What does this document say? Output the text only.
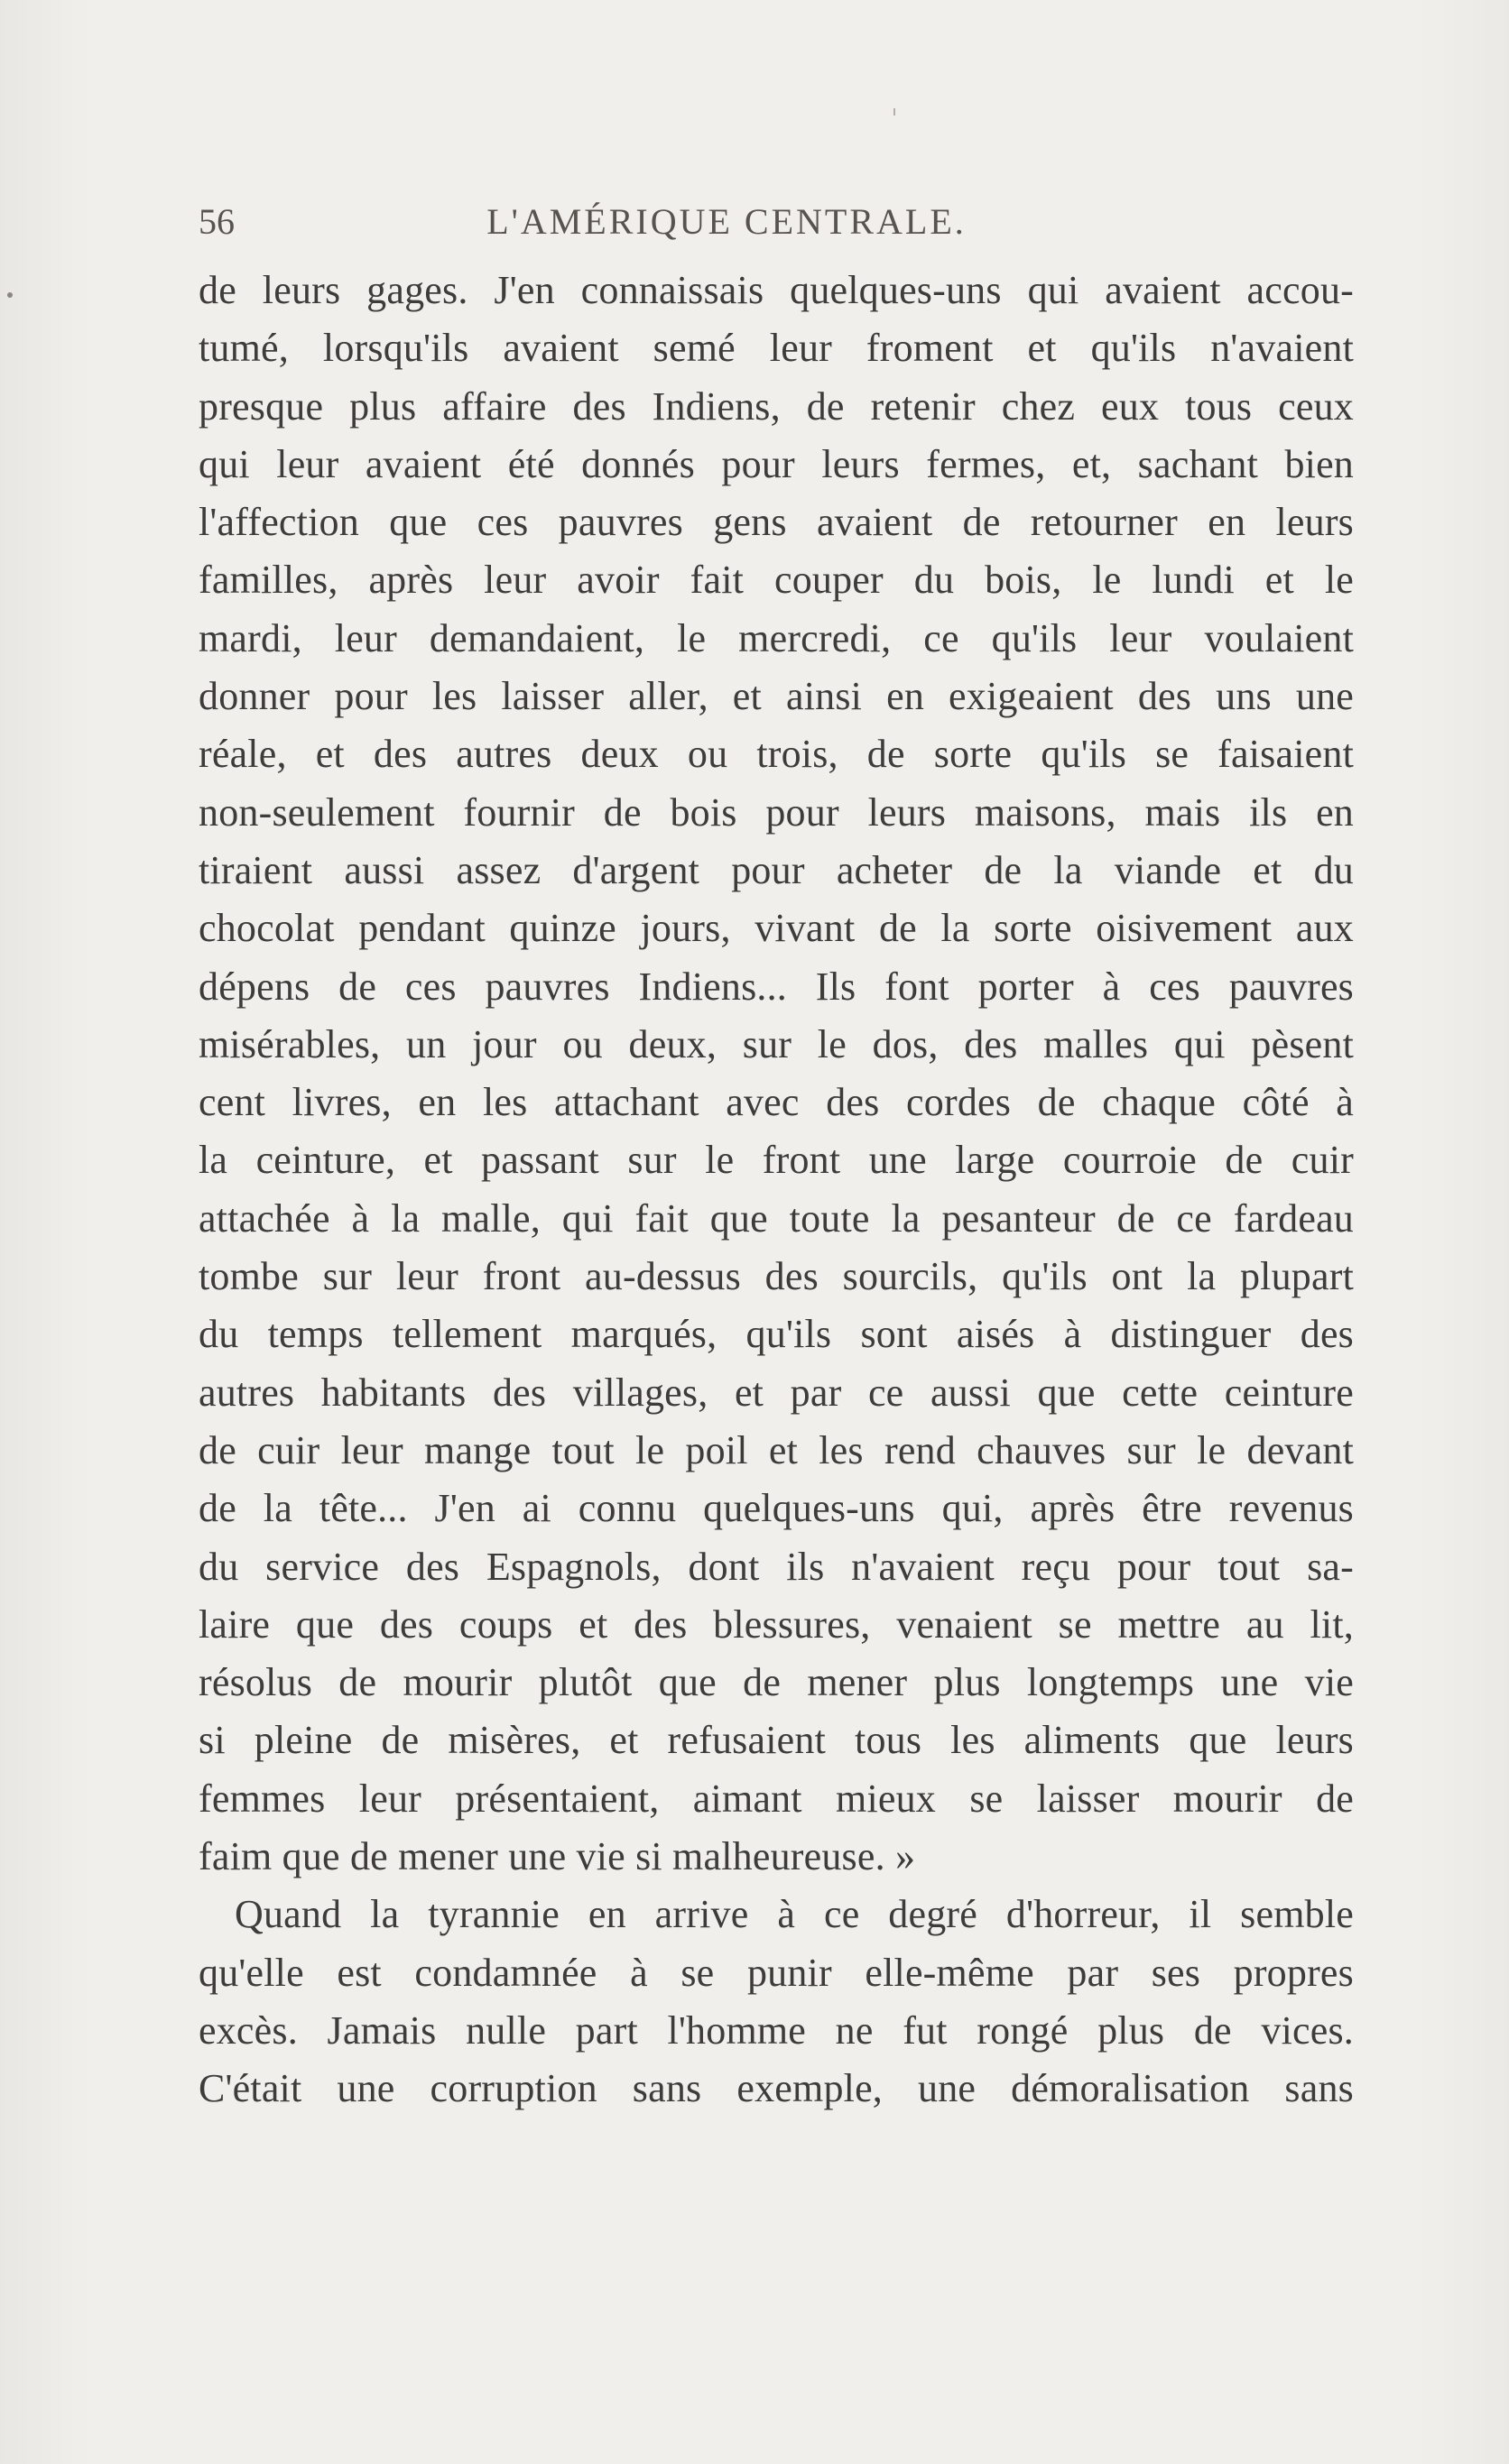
56	L'AMÉRIQUE CENTRALE.
de leurs gages. J'en connaissais quelques-uns qui avaient accou-
tumé, lorsqu'ils avaient semé leur froment et qu'ils n'avaient
presque plus affaire des Indiens, de retenir chez eux tous ceux
qui leur avaient été donnés pour leurs fermes, et, sachant bien
l'affection que ces pauvres gens avaient de retourner en leurs
familles, après leur avoir fait couper du bois, le lundi et le
mardi, leur demandaient, le mercredi, ce qu'ils leur voulaient
donner pour les laisser aller, et ainsi en exigeaient des uns une
réale, et des autres deux ou trois, de sorte qu'ils se faisaient
non-seulement fournir de bois pour leurs maisons, mais ils en
tiraient aussi assez d'argent pour acheter de la viande et du
chocolat pendant quinze jours, vivant de la sorte oisivement aux
dépens de ces pauvres Indiens... Ils font porter à ces pauvres
misérables, un jour ou deux, sur le dos, des malles qui pèsent
cent livres, en les attachant avec des cordes de chaque côté à
la ceinture, et passant sur le front une large courroie de cuir
attachée à la malle, qui fait que toute la pesanteur de ce fardeau
tombe sur leur front au-dessus des sourcils, qu'ils ont la plupart
du temps tellement marqués, qu'ils sont aisés à distinguer des
autres habitants des villages, et par ce aussi que cette ceinture
de cuir leur mange tout le poil et les rend chauves sur le devant
de la tête... J'en ai connu quelques-uns qui, après être revenus
du service des Espagnols, dont ils n'avaient reçu pour tout sa-
laire que des coups et des blessures, venaient se mettre au lit,
résolus de mourir plutôt que de mener plus longtemps une vie
si pleine de misères, et refusaient tous les aliments que leurs
femmes leur présentaient, aimant mieux se laisser mourir de
faim que de mener une vie si malheureuse. »
Quand la tyrannie en arrive à ce degré d'horreur, il semble
qu'elle est condamnée à se punir elle-même par ses propres
excès. Jamais nulle part l'homme ne fut rongé plus de vices.
C'était une corruption sans exemple, une démoralisation sans
